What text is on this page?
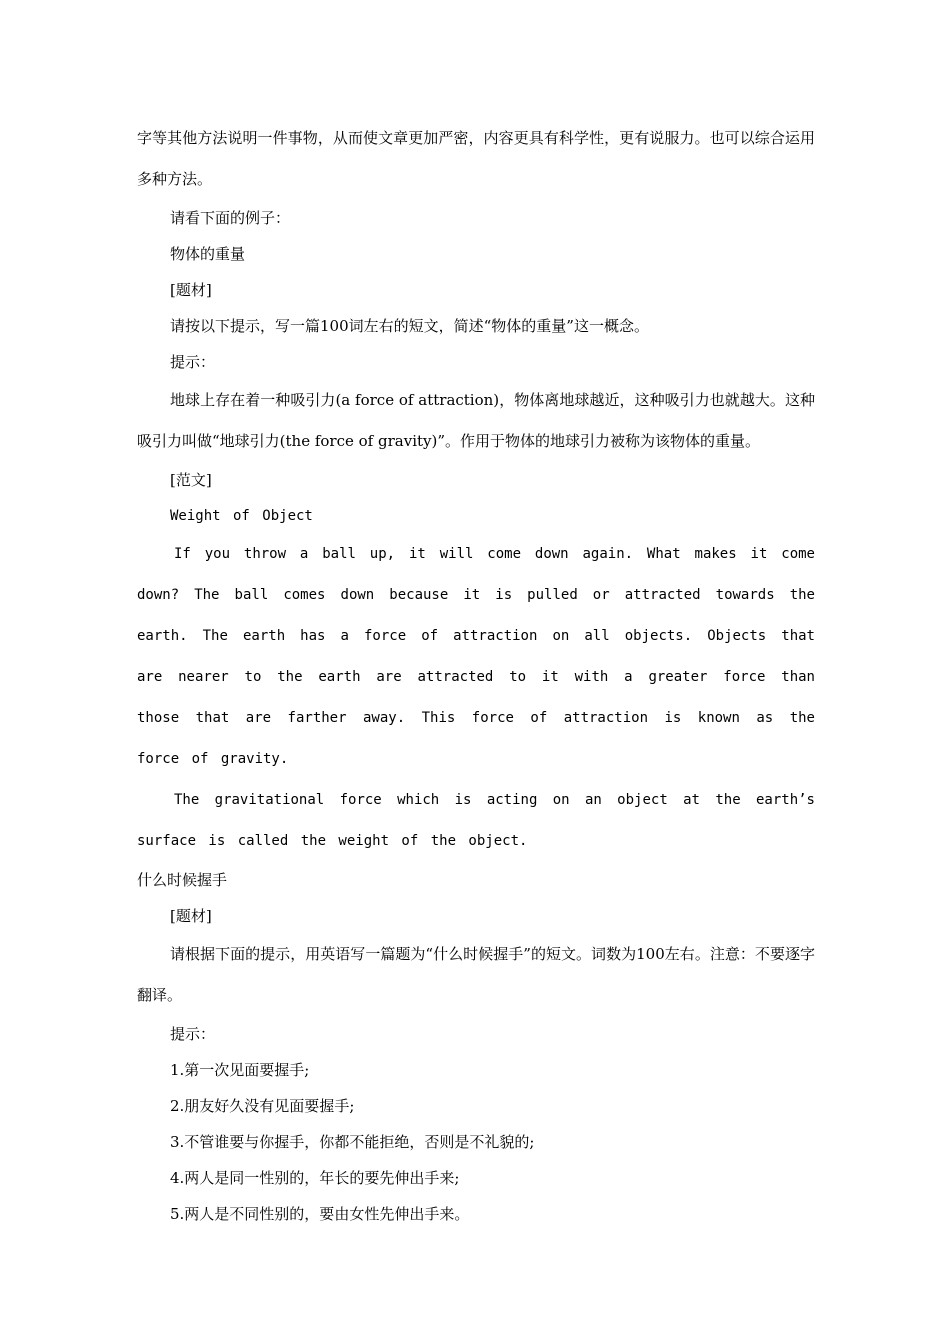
字等其他方法说明一件事物，从而使文章更加严密，内容更具有科学性，更有说服力。也可以综合运用多种方法。

请看下面的例子：

物体的重量

[题材]

请按以下提示，写一篇100词左右的短文，简述“物体的重量”这一概念。

提示：

地球上存在着一种吸引力(a force of attraction)，物体离地球越近，这种吸引力也就越大。这种吸引力叫做“地球引力(the force of gravity)”。作用于物体的地球引力被称为该物体的重量。

[范文]

Weight of Object

If you throw a ball up, it will come down again. What makes it come down? The ball comes down because it is pulled or attracted towards the earth. The earth has a force of attraction on all objects. Objects that are nearer to the earth are attracted to it with a greater force than those that are farther away. This force of attraction is known as the force of gravity.

The gravitational force which is acting on an object at the earth’s surface is called the weight of the object.

什么时候握手

[题材]

请根据下面的提示，用英语写一篇题为“什么时候握手”的短文。词数为100左右。注意：不要逐字翻译。

提示：

1.第一次见面要握手;

2.朋友好久没有见面要握手;

3.不管谁要与你握手，你都不能拒绝，否则是不礼貌的;

4.两人是同一性别的，年长的要先伸出手来;

5.两人是不同性别的，要由女性先伸出手来。
